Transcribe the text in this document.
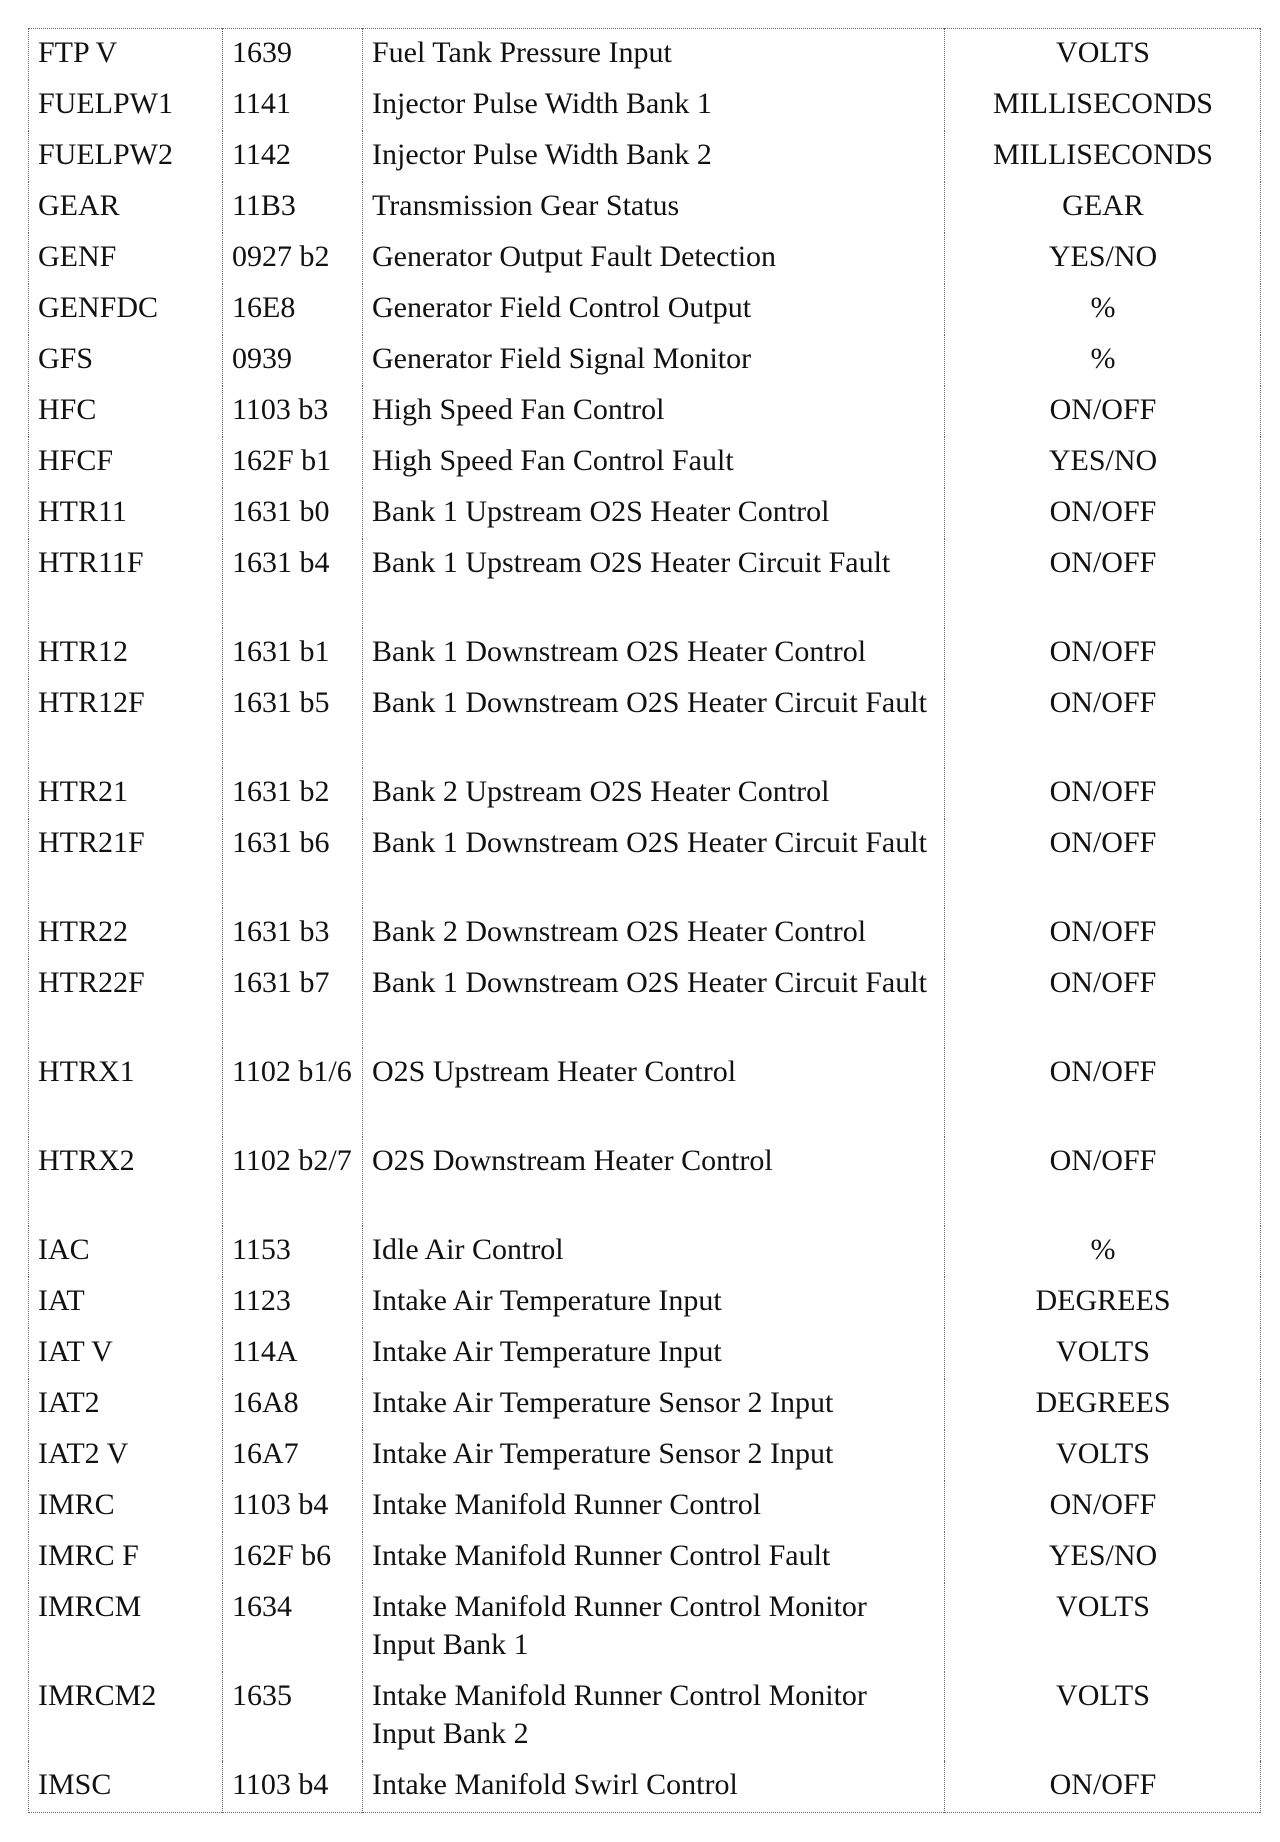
FTP V	1639	Fuel Tank Pressure Input	VOLTS
FUELPW1	1141	Injector Pulse Width Bank 1	MILLISECONDS
FUELPW2	1142	Injector Pulse Width Bank 2	MILLISECONDS
GEAR	11B3	Transmission Gear Status	GEAR
GENF	0927 b2	Generator Output Fault Detection	YES/NO
GENFDC	16E8	Generator Field Control Output	%
GFS	0939	Generator Field Signal Monitor	%
HFC	1103 b3	High Speed Fan Control	ON/OFF
HFCF	162F b1	High Speed Fan Control Fault	YES/NO
HTR11	1631 b0	Bank 1 Upstream O2S Heater Control	ON/OFF
HTR11F	1631 b4	Bank 1 Upstream O2S Heater Circuit Fault	ON/OFF
HTR12	1631 b1	Bank 1 Downstream O2S Heater Control	ON/OFF
HTR12F	1631 b5	Bank 1 Downstream O2S Heater Circuit Fault	ON/OFF
HTR21	1631 b2	Bank 2 Upstream O2S Heater Control	ON/OFF
HTR21F	1631 b6	Bank 1 Downstream O2S Heater Circuit Fault	ON/OFF
HTR22	1631 b3	Bank 2 Downstream O2S Heater Control	ON/OFF
HTR22F	1631 b7	Bank 1 Downstream O2S Heater Circuit Fault	ON/OFF
HTRX1	1102 b1/6	O2S Upstream Heater Control	ON/OFF
HTRX2	1102 b2/7	O2S Downstream Heater Control	ON/OFF
IAC	1153	Idle Air Control	%
IAT	1123	Intake Air Temperature Input	DEGREES
IAT V	114A	Intake Air Temperature Input	VOLTS
IAT2	16A8	Intake Air Temperature Sensor 2 Input	DEGREES
IAT2 V	16A7	Intake Air Temperature Sensor 2 Input	VOLTS
IMRC	1103 b4	Intake Manifold Runner Control	ON/OFF
IMRC F	162F b6	Intake Manifold Runner Control Fault	YES/NO
IMRCM	1634	Intake Manifold Runner Control Monitor Input Bank 1	VOLTS
IMRCM2	1635	Intake Manifold Runner Control Monitor Input Bank 2	VOLTS
IMSC	1103 b4	Intake Manifold Swirl Control	ON/OFF
